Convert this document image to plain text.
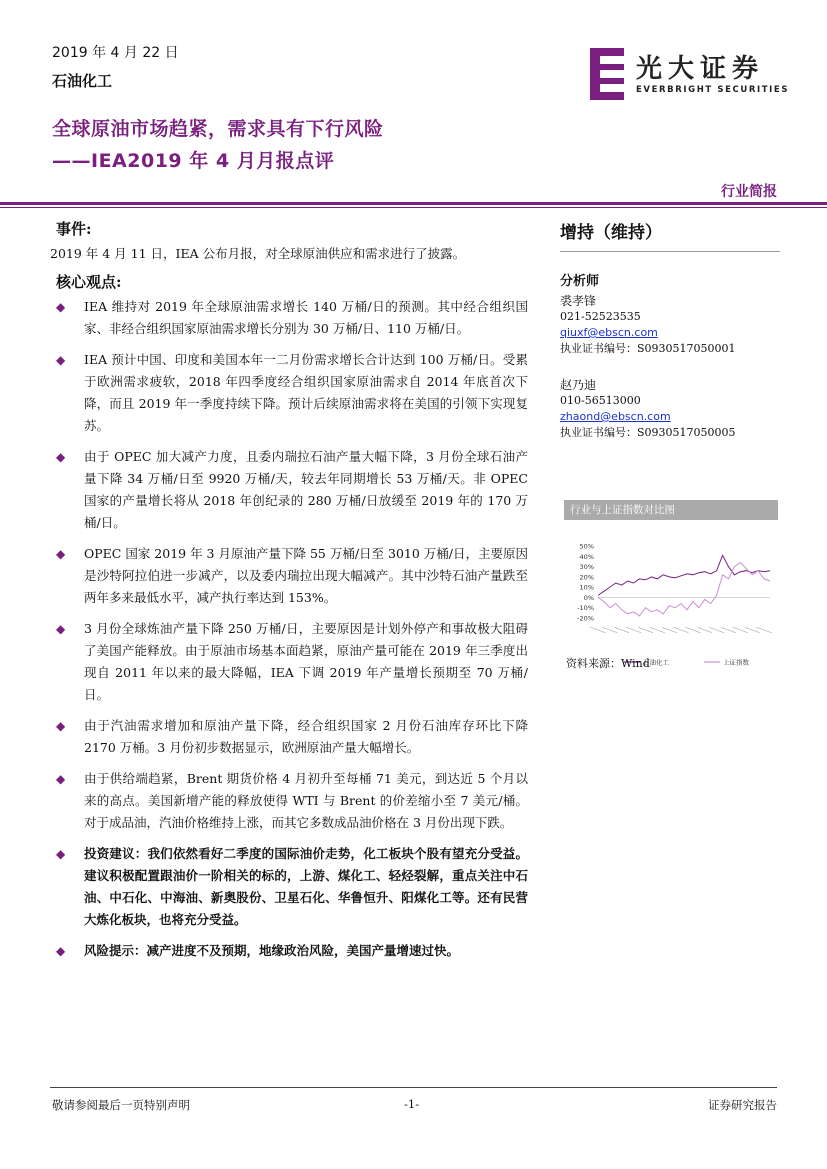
2019 年 4 月 22 日
石油化工
全球原油市场趋紧，需求具有下行风险
——IEA2019 年 4 月月报点评
光大证券
EVERBRIGHT SECURITIES
行业简报
事件:
2019 年 4 月 11 日，IEA 公布月报，对全球原油供应和需求进行了披露。
核心观点:
◆ IEA 维持对 2019 年全球原油需求增长 140 万桶/日的预测。其中经合组织国家、非经合组织国家原油需求增长分别为 30 万桶/日、110 万桶/日。
◆ IEA 预计中国、印度和美国本年一二月份需求增长合计达到 100 万桶/日。受累于欧洲需求疲软，2018 年四季度经合组织国家原油需求自 2014 年底首次下降，而且 2019 年一季度持续下降。预计后续原油需求将在美国的引领下实现复苏。
◆ 由于 OPEC 加大减产力度，且委内瑞拉石油产量大幅下降，3 月份全球石油产量下降 34 万桶/日至 9920 万桶/天，较去年同期增长 53 万桶/天。非 OPEC 国家的产量增长将从 2018 年创纪录的 280 万桶/日放缓至 2019 年的 170 万桶/日。
◆ OPEC 国家 2019 年 3 月原油产量下降 55 万桶/日至 3010 万桶/日，主要原因是沙特阿拉伯进一步减产，以及委内瑞拉出现大幅减产。其中沙特石油产量跌至两年多来最低水平，减产执行率达到 153%。
◆ 3 月份全球炼油产量下降 250 万桶/日，主要原因是计划外停产和事故极大阻碍了美国产能释放。由于原油市场基本面趋紧，原油产量可能在 2019 年三季度出现自 2011 年以来的最大降幅，IEA 下调 2019 年产量增长预期至 70 万桶/日。
◆ 由于汽油需求增加和原油产量下降，经合组织国家 2 月份石油库存环比下降 2170 万桶。3 月份初步数据显示，欧洲原油产量大幅增长。
◆ 由于供给端趋紧，Brent 期货价格 4 月初升至每桶 71 美元，到达近 5 个月以来的高点。美国新增产能的释放使得 WTI 与 Brent 的价差缩小至 7 美元/桶。对于成品油，汽油价格维持上涨，而其它多数成品油价格在 3 月份出现下跌。
◆ 投资建议：我们依然看好二季度的国际油价走势，化工板块个股有望充分受益。建议积极配置跟油价一阶相关的标的，上游、煤化工、轻烃裂解，重点关注中石油、中石化、中海油、新奥股份、卫星石化、华鲁恒升、阳煤化工等。还有民营大炼化板块，也将充分受益。
◆ 风险提示：减产进度不及预期，地缘政治风险，美国产量增速过快。
增持（维持）
分析师
裘孝锋
021-52523535
qiuxf@ebscn.com
执业证书编号：S0930517050001
赵乃迪
010-56513000
zhaond@ebscn.com
执业证书编号：S0930517050005
行业与上证指数对比图
50%
40%
30%
20%
10%
0%
-10%
-20%
石油化工	上证指数
资料来源：Wind
敬请参阅最后一页特别声明	-1-	证券研究报告
